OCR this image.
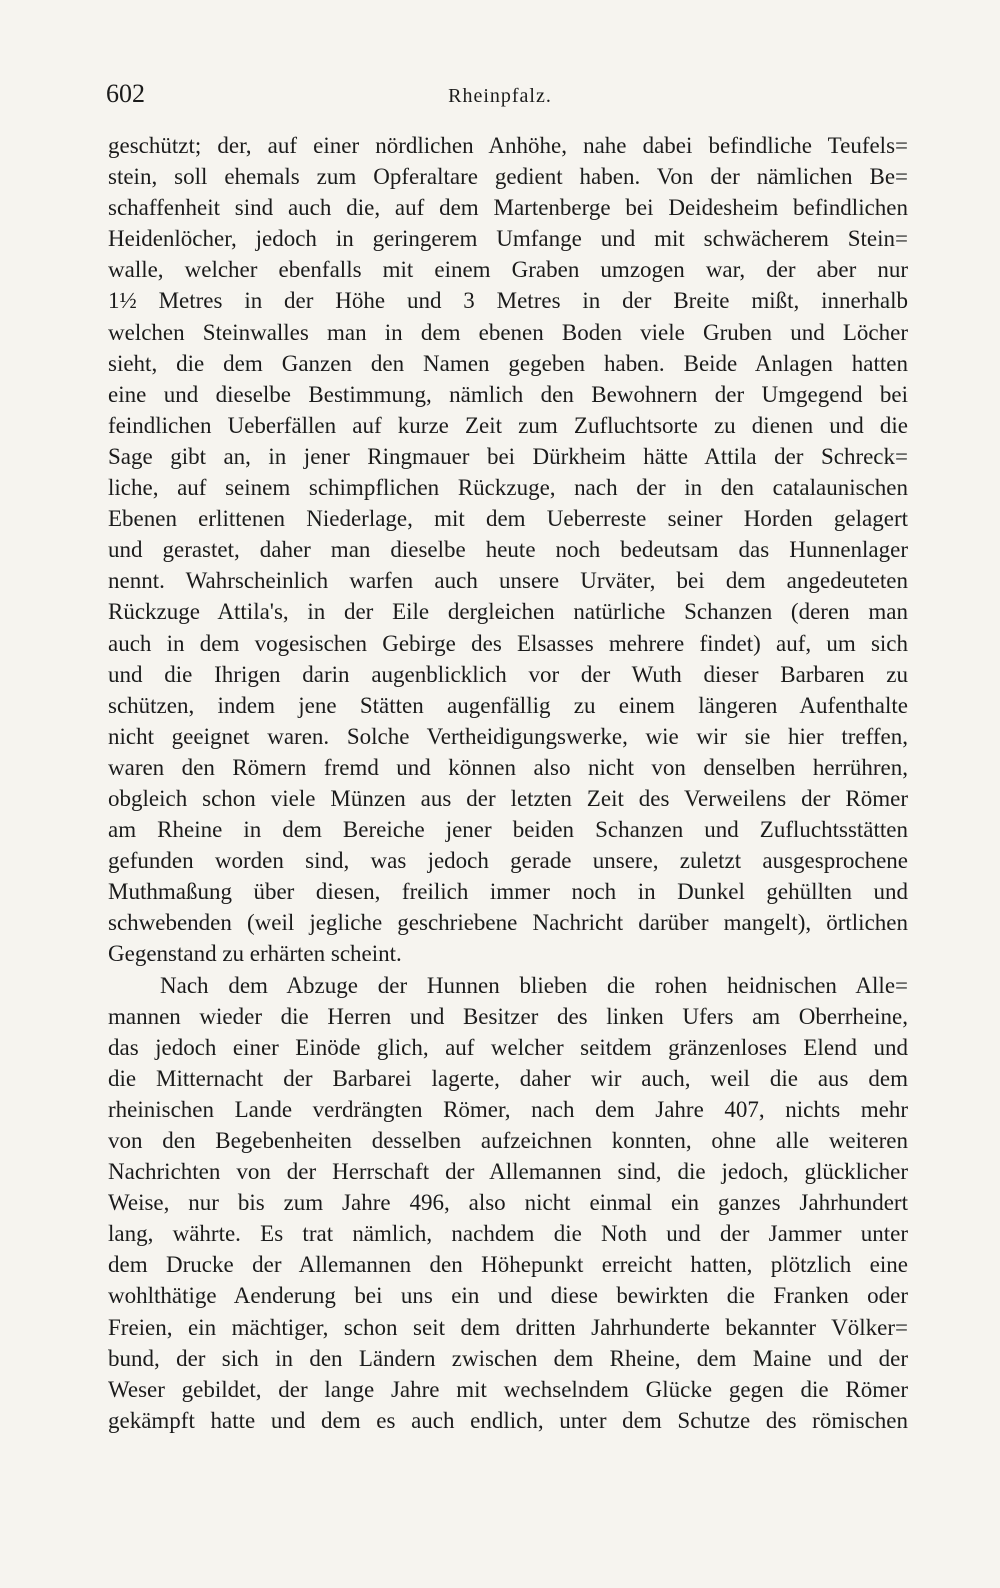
602	Rheinpfalz.
geschützt; der, auf einer nördlichen Anhöhe, nahe dabei befindliche Teufels=
stein, soll ehemals zum Opferaltare gedient haben. Von der nämlichen Be=
schaffenheit sind auch die, auf dem Martenberge bei Deidesheim befindlichen
Heidenlöcher, jedoch in geringerem Umfange und mit schwächerem Stein=
walle, welcher ebenfalls mit einem Graben umzogen war, der aber nur
1½ Metres in der Höhe und 3 Metres in der Breite mißt, innerhalb
welchen Steinwalles man in dem ebenen Boden viele Gruben und Löcher
sieht, die dem Ganzen den Namen gegeben haben. Beide Anlagen hatten
eine und dieselbe Bestimmung, nämlich den Bewohnern der Umgegend bei
feindlichen Ueberfällen auf kurze Zeit zum Zufluchtsorte zu dienen und die
Sage gibt an, in jener Ringmauer bei Dürkheim hätte Attila der Schreck=
liche, auf seinem schimpflichen Rückzuge, nach der in den catalaunischen
Ebenen erlittenen Niederlage, mit dem Ueberreste seiner Horden gelagert
und gerastet, daher man dieselbe heute noch bedeutsam das Hunnenlager
nennt. Wahrscheinlich warfen auch unsere Urväter, bei dem angedeuteten
Rückzuge Attila's, in der Eile dergleichen natürliche Schanzen (deren man
auch in dem vogesischen Gebirge des Elsasses mehrere findet) auf, um sich
und die Ihrigen darin augenblicklich vor der Wuth dieser Barbaren zu
schützen, indem jene Stätten augenfällig zu einem längeren Aufenthalte
nicht geeignet waren. Solche Vertheidigungswerke, wie wir sie hier treffen,
waren den Römern fremd und können also nicht von denselben herrühren,
obgleich schon viele Münzen aus der letzten Zeit des Verweilens der Römer
am Rheine in dem Bereiche jener beiden Schanzen und Zufluchtsstätten
gefunden worden sind, was jedoch gerade unsere, zuletzt ausgesprochene
Muthmaßung über diesen, freilich immer noch in Dunkel gehüllten und
schwebenden (weil jegliche geschriebene Nachricht darüber mangelt), örtlichen
Gegenstand zu erhärten scheint.
Nach dem Abzuge der Hunnen blieben die rohen heidnischen Alle=
mannen wieder die Herren und Besitzer des linken Ufers am Oberrheine,
das jedoch einer Einöde glich, auf welcher seitdem gränzenloses Elend und
die Mitternacht der Barbarei lagerte, daher wir auch, weil die aus dem
rheinischen Lande verdrängten Römer, nach dem Jahre 407, nichts mehr
von den Begebenheiten desselben aufzeichnen konnten, ohne alle weiteren
Nachrichten von der Herrschaft der Allemannen sind, die jedoch, glücklicher
Weise, nur bis zum Jahre 496, also nicht einmal ein ganzes Jahrhundert
lang, währte. Es trat nämlich, nachdem die Noth und der Jammer unter
dem Drucke der Allemannen den Höhepunkt erreicht hatten, plötzlich eine
wohlthätige Aenderung bei uns ein und diese bewirkten die Franken oder
Freien, ein mächtiger, schon seit dem dritten Jahrhunderte bekannter Völker=
bund, der sich in den Ländern zwischen dem Rheine, dem Maine und der
Weser gebildet, der lange Jahre mit wechselndem Glücke gegen die Römer
gekämpft hatte und dem es auch endlich, unter dem Schutze des römischen
